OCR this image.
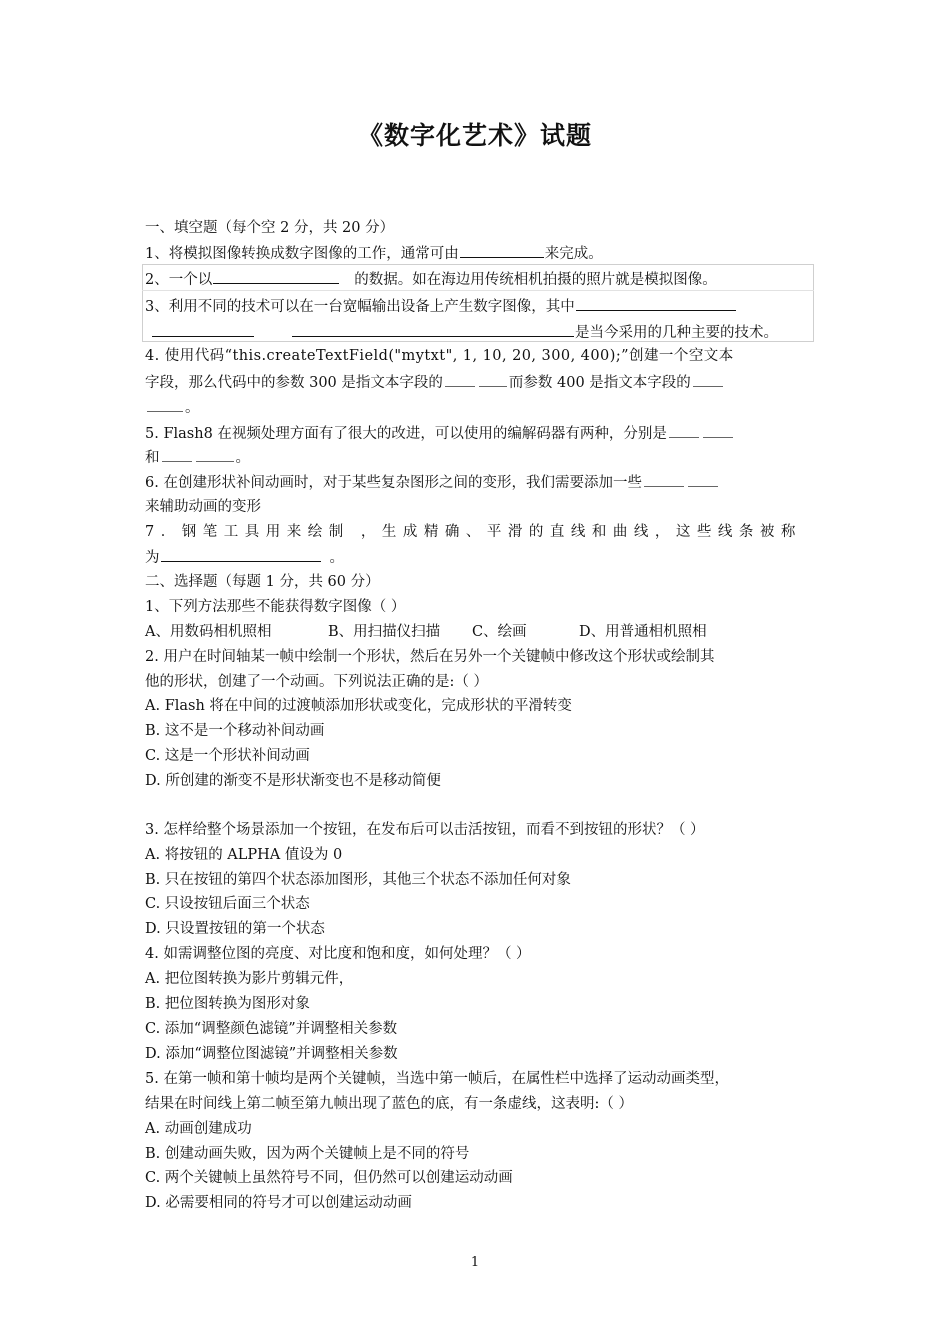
《数字化艺术》试题
一、填空题（每个空 2 分，共 20 分）
1、将模拟图像转换成数字图像的工作，通常可由	来完成。
2、一个以	的数据。如在海边用传统相机拍摄的照片就是模拟图像。
3、利用不同的技术可以在一台宽幅输出设备上产生数字图像，其中
是当今采用的几种主要的技术。
4. 使用代码“this.createTextField("mytxt", 1, 10, 20, 300, 400);”创建一个空文本
字段，那么代码中的参数 300 是指文本字段的	而参数 400 是指文本字段的
。
5. Flash8 在视频处理方面有了很大的改进，可以使用的编解码器有两种，分别是
和	。
6. 在创建形状补间动画时，对于某些复杂图形之间的变形，我们需要添加一些
来辅助动画的变形
7．钢笔工具用来绘制 ，生成精确、平滑的直线和曲线，这些线条被称
为	。
二、选择题（每题 1 分，共 60 分）
1、下列方法那些不能获得数字图像（ ）
A、用数码相机照相	B、用扫描仪扫描 C、绘画	D、用普通相机照相
2. 用户在时间轴某一帧中绘制一个形状，然后在另外一个关键帧中修改这个形状或绘制其
他的形状，创建了一个动画。下列说法正确的是:（ ）
A. Flash 将在中间的过渡帧添加形状或变化，完成形状的平滑转变
B. 这不是一个移动补间动画
C. 这是一个形状补间动画
D. 所创建的渐变不是形状渐变也不是移动简便
3. 怎样给整个场景添加一个按钮，在发布后可以击活按钮，而看不到按钮的形状？（ ）
A. 将按钮的 ALPHA 值设为 0
B. 只在按钮的第四个状态添加图形，其他三个状态不添加任何对象
C. 只设按钮后面三个状态
D. 只设置按钮的第一个状态
4. 如需调整位图的亮度、对比度和饱和度，如何处理？（ ）
A. 把位图转换为影片剪辑元件，
B. 把位图转换为图形对象
C. 添加“调整颜色滤镜”并调整相关参数
D. 添加“调整位图滤镜”并调整相关参数
5. 在第一帧和第十帧均是两个关键帧，当选中第一帧后，在属性栏中选择了运动动画类型，
结果在时间线上第二帧至第九帧出现了蓝色的底，有一条虚线，这表明:（ ）
A. 动画创建成功
B. 创建动画失败，因为两个关键帧上是不同的符号
C. 两个关键帧上虽然符号不同，但仍然可以创建运动动画
D. 必需要相同的符号才可以创建运动动画
1
